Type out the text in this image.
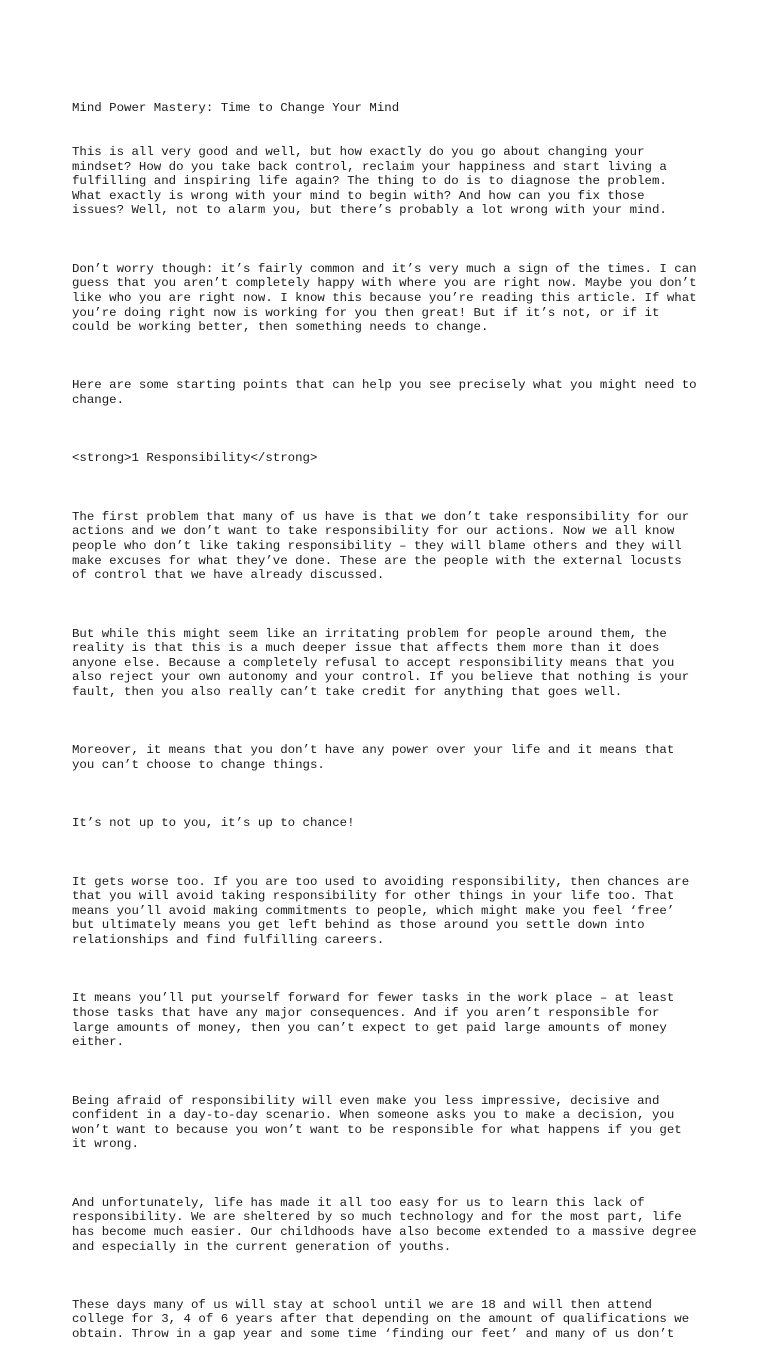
Mind Power Mastery: Time to Change Your Mind

This is all very good and well, but how exactly do you go about changing your mindset? How do you take back control, reclaim your happiness and start living a fulfilling and inspiring life again? The thing to do is to diagnose the problem. What exactly is wrong with your mind to begin with? And how can you fix those issues? Well, not to alarm you, but there’s probably a lot wrong with your mind.

Don’t worry though: it’s fairly common and it’s very much a sign of the times. I can guess that you aren’t completely happy with where you are right now. Maybe you don’t like who you are right now. I know this because you’re reading this article. If what you’re doing right now is working for you then great! But if it’s not, or if it could be working better, then something needs to change.

Here are some starting points that can help you see precisely what you might need to change.

<strong>1 Responsibility</strong>

The first problem that many of us have is that we don’t take responsibility for our actions and we don’t want to take responsibility for our actions. Now we all know people who don’t like taking responsibility – they will blame others and they will make excuses for what they’ve done. These are the people with the external locusts of control that we have already discussed.

But while this might seem like an irritating problem for people around them, the reality is that this is a much deeper issue that affects them more than it does anyone else. Because a completely refusal to accept responsibility means that you also reject your own autonomy and your control. If you believe that nothing is your fault, then you also really can’t take credit for anything that goes well.

Moreover, it means that you don’t have any power over your life and it means that you can’t choose to change things.

It’s not up to you, it’s up to chance!

It gets worse too. If you are too used to avoiding responsibility, then chances are that you will avoid taking responsibility for other things in your life too. That means you’ll avoid making commitments to people, which might make you feel ‘free’ but ultimately means you get left behind as those around you settle down into relationships and find fulfilling careers.

It means you’ll put yourself forward for fewer tasks in the work place – at least those tasks that have any major consequences. And if you aren’t responsible for large amounts of money, then you can’t expect to get paid large amounts of money either.

Being afraid of responsibility will even make you less impressive, decisive and confident in a day-to-day scenario. When someone asks you to make a decision, you won’t want to because you won’t want to be responsible for what happens if you get it wrong.

And unfortunately, life has made it all too easy for us to learn this lack of responsibility. We are sheltered by so much technology and for the most part, life has become much easier. Our childhoods have also become extended to a massive degree and especially in the current generation of youths.

These days many of us will stay at school until we are 18 and will then attend college for 3, 4 of 6 years after that depending on the amount of qualifications we obtain. Throw in a gap year and some time ‘finding our feet’ and many of us don’t
